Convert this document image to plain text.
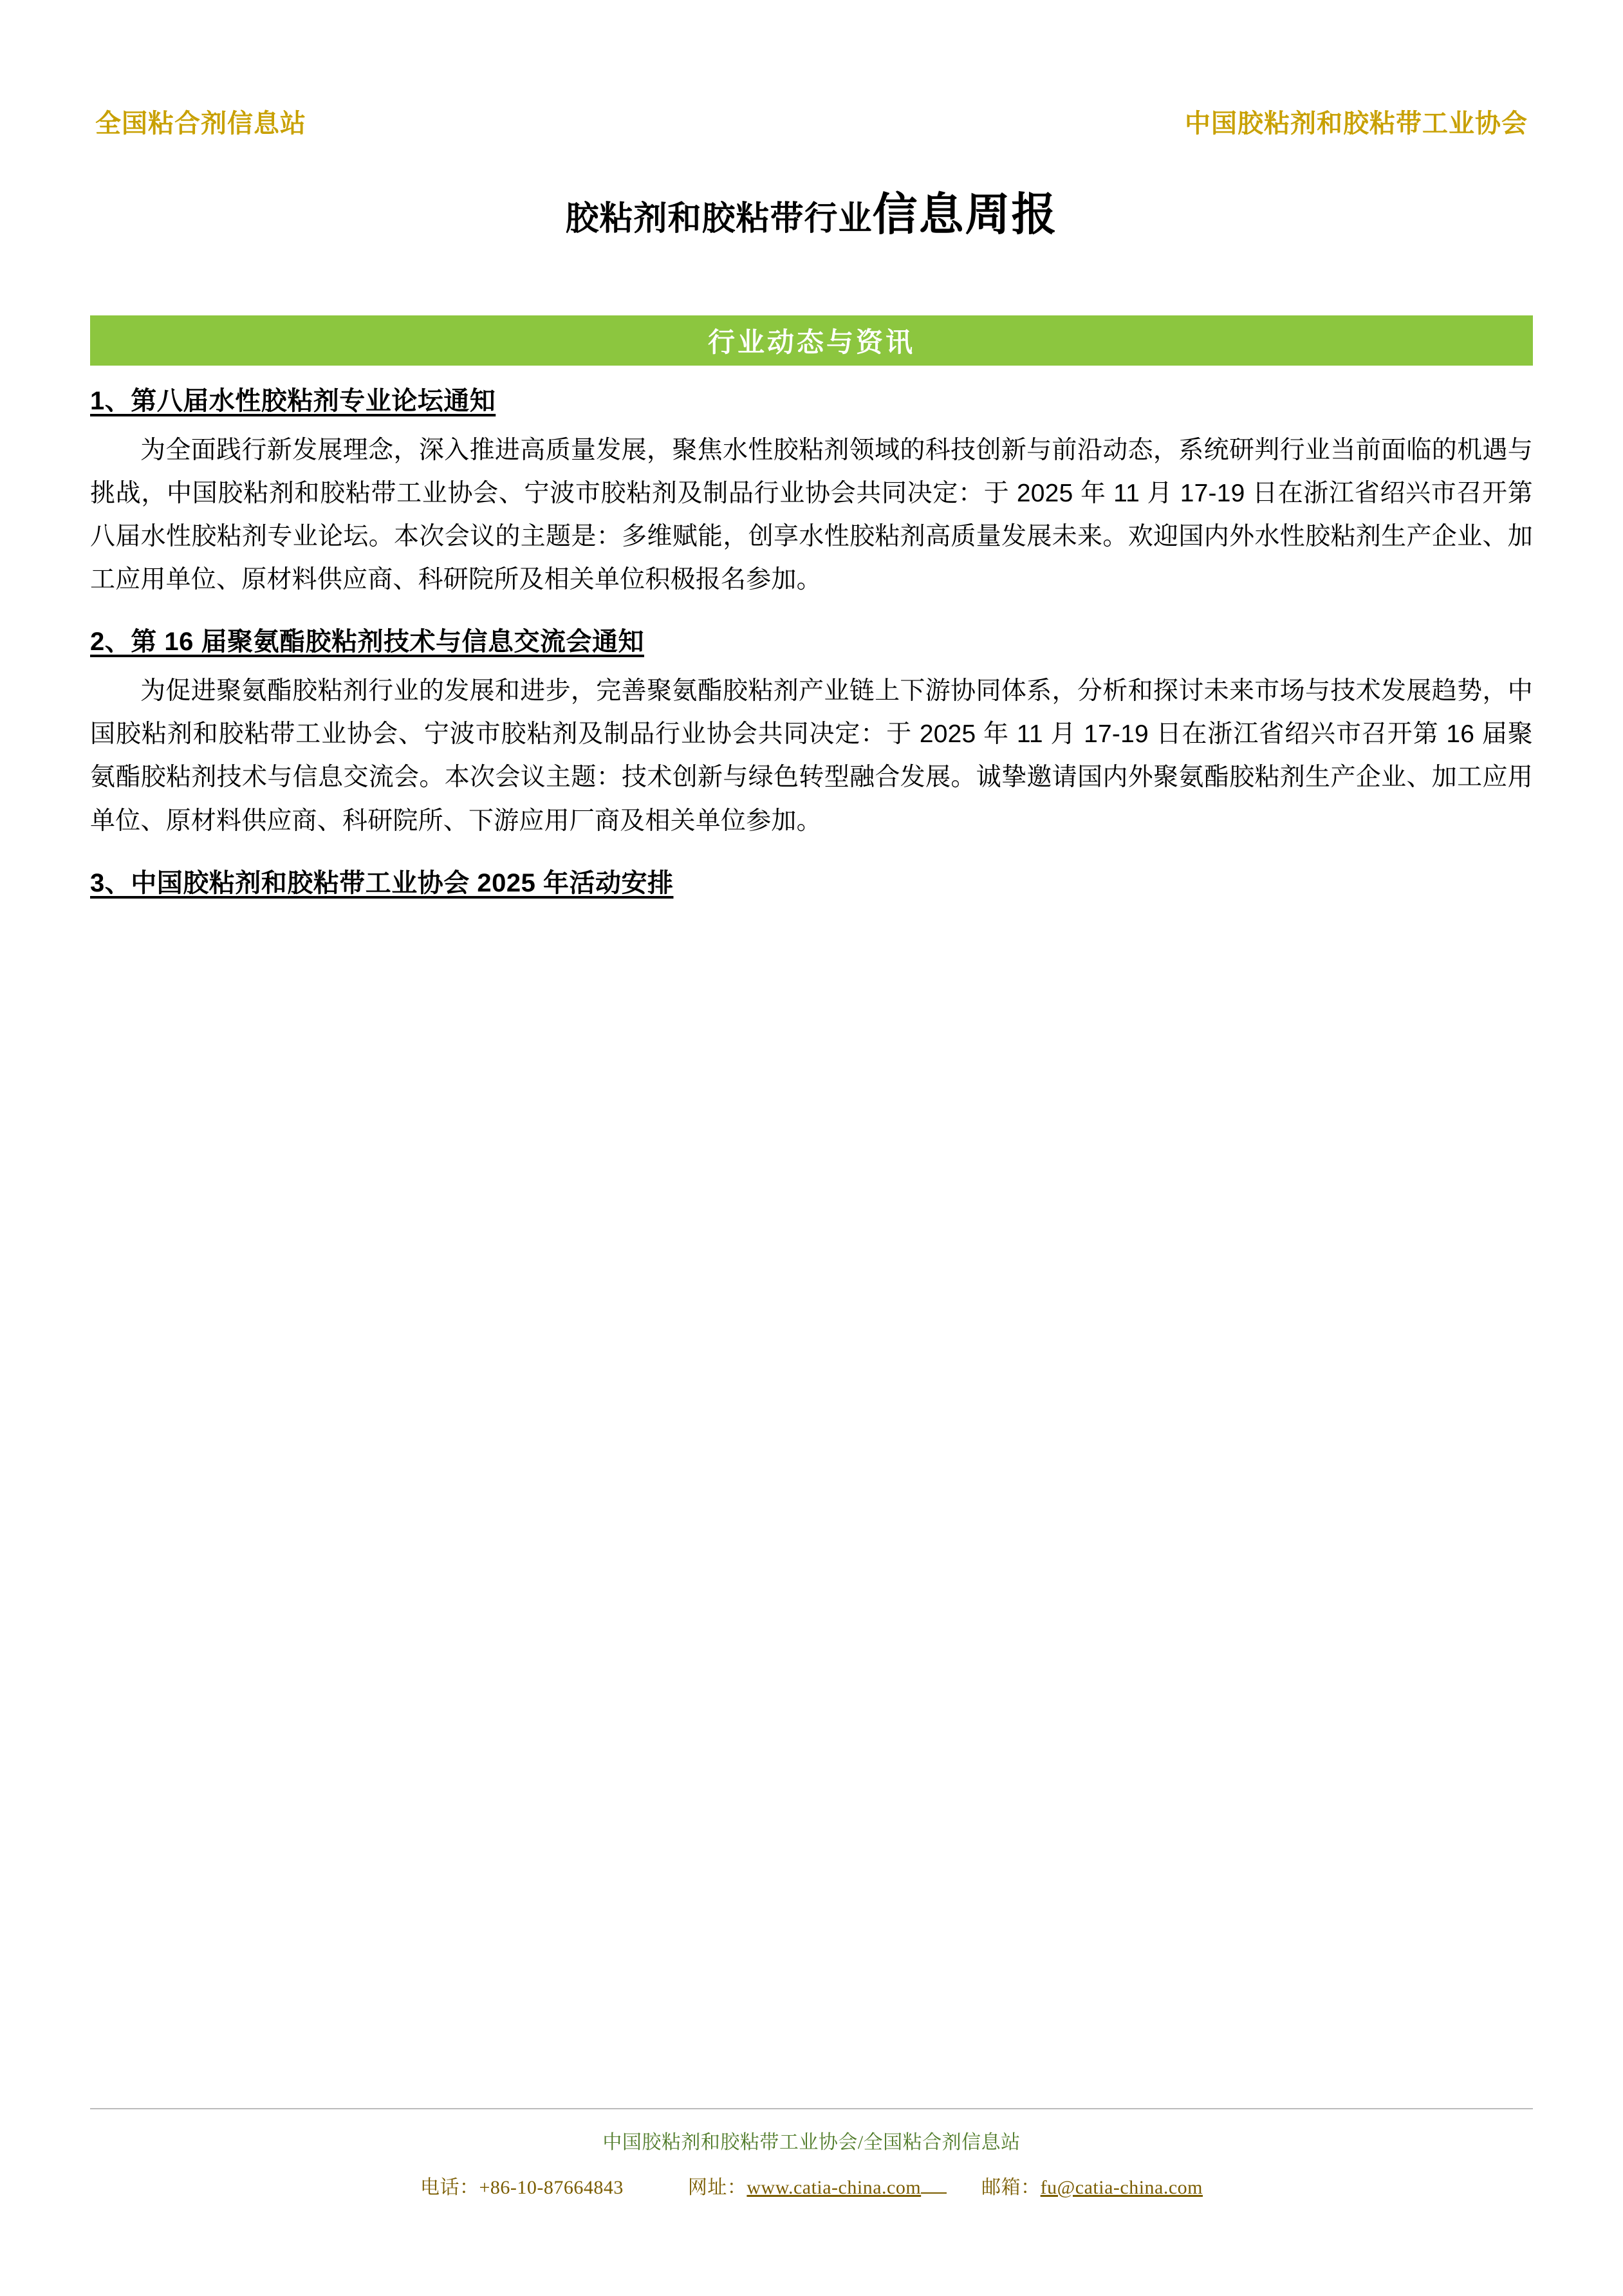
全国粘合剂信息站	中国胶粘剂和胶粘带工业协会
胶粘剂和胶粘带行业信息周报
行业动态与资讯
1、第八届水性胶粘剂专业论坛通知
为全面践行新发展理念，深入推进高质量发展，聚焦水性胶粘剂领域的科技创新与前沿动态，系统研判行业当前面临的机遇与挑战，中国胶粘剂和胶粘带工业协会、宁波市胶粘剂及制品行业协会共同决定：于 2025 年 11 月 17-19 日在浙江省绍兴市召开第八届水性胶粘剂专业论坛。本次会议的主题是：多维赋能，创享水性胶粘剂高质量发展未来。欢迎国内外水性胶粘剂生产企业、加工应用单位、原材料供应商、科研院所及相关单位积极报名参加。
2、第 16 届聚氨酯胶粘剂技术与信息交流会通知
为促进聚氨酯胶粘剂行业的发展和进步，完善聚氨酯胶粘剂产业链上下游协同体系，分析和探讨未来市场与技术发展趋势，中国胶粘剂和胶粘带工业协会、宁波市胶粘剂及制品行业协会共同决定：于 2025 年 11 月 17-19 日在浙江省绍兴市召开第 16 届聚氨酯胶粘剂技术与信息交流会。本次会议主题：技术创新与绿色转型融合发展。诚挚邀请国内外聚氨酯胶粘剂生产企业、加工应用单位、原材料供应商、科研院所、下游应用厂商及相关单位参加。
3、中国胶粘剂和胶粘带工业协会 2025 年活动安排
中国胶粘剂和胶粘带工业协会/全国粘合剂信息站
电话：+86-10-87664843	网址：www.catia-china.com	邮箱：fu@catia-china.com
